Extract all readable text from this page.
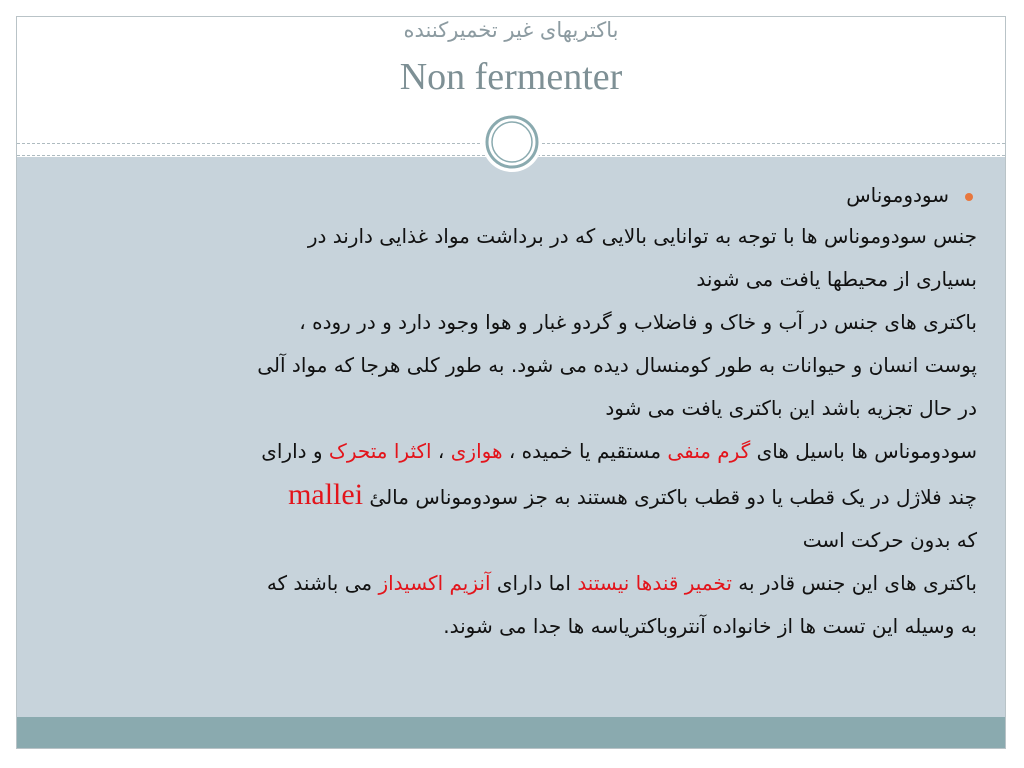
باکتریهای غیر تخمیرکننده
Non fermenter
سودوموناس
جنس سودوموناس ها با توجه به توانایی بالایی که در برداشت مواد غذایی دارند در
بسیاری از محیطها یافت می شوند
باکتری های جنس در آب و خاک و فاضلاب و گردو غبار و هوا وجود دارد و در روده ،
پوست انسان و حیوانات به طور کومنسال دیده می شود. به طور کلی هرجا که مواد آلی
در حال تجزیه باشد این باکتری یافت می شود
سودوموناس ها باسیل های گرم منفی مستقیم یا خمیده ، هوازی ، اکثرا متحرک و دارای
چند فلاژل در یک قطب یا دو قطب باکتری هستند به جز سودوموناس مالئ mallei
که بدون حرکت است
باکتری های این جنس قادر به تخمیر قندها نیستند اما دارای آنزیم اکسیداز می باشند که
به وسیله این تست ها از خانواده آنتروباکتریاسه ها جدا می شوند.
